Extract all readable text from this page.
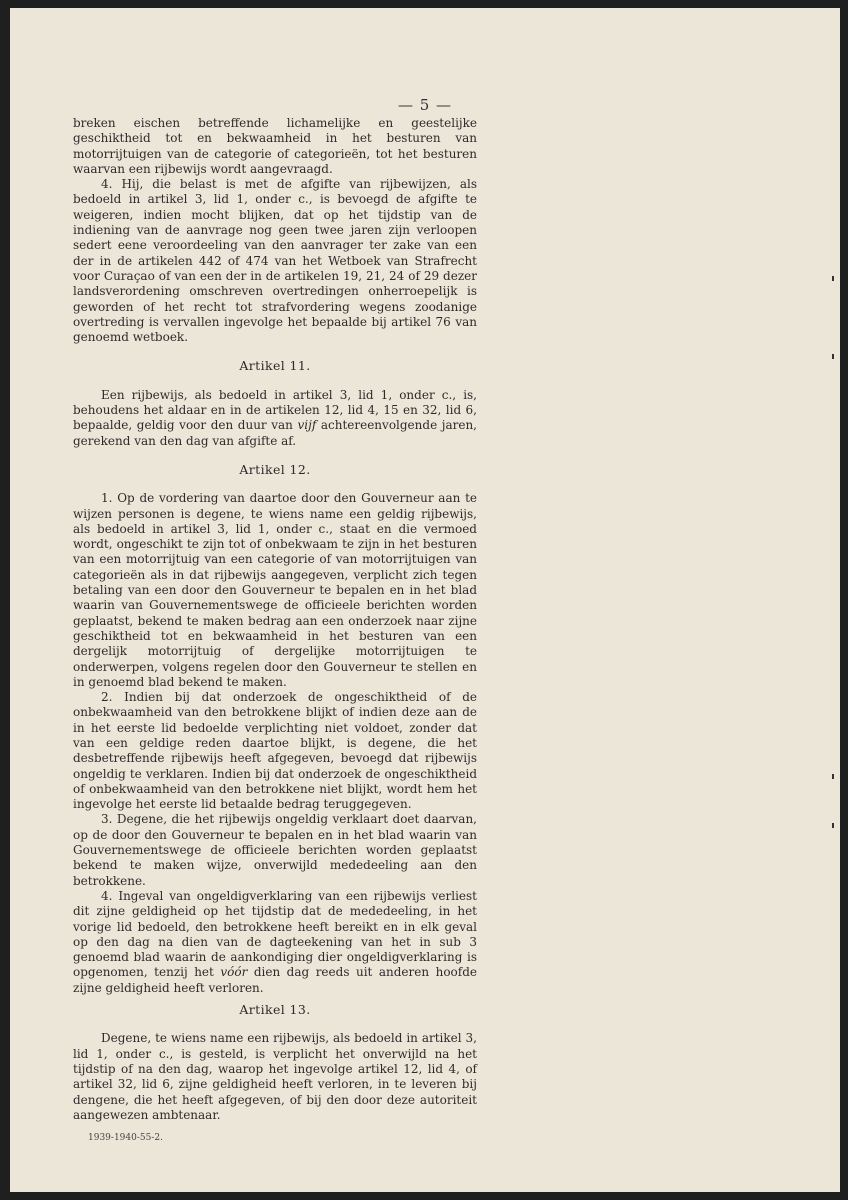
— 5 —

breken eischen betreffende lichamelijke en geestelijke geschiktheid tot en bekwaamheid in het besturen van motorrijtuigen van de categorie of categorieën, tot het besturen waarvan een rijbewijs wordt aangevraagd.

4. Hij, die belast is met de afgifte van rijbewijzen, als bedoeld in artikel 3, lid 1, onder c., is bevoegd de afgifte te weigeren, indien mocht blijken, dat op het tijdstip van de indiening van de aanvrage nog geen twee jaren zijn verloopen sedert eene veroordeeling van den aanvrager ter zake van een der in de artikelen 442 of 474 van het Wetboek van Strafrecht voor Curaçao of van een der in de artikelen 19, 21, 24 of 29 dezer landsverordening omschreven overtredingen onherroepelijk is geworden of het recht tot strafvordering wegens zoodanige overtreding is vervallen ingevolge het bepaalde bij artikel 76 van genoemd wetboek.

Artikel 11.

Een rijbewijs, als bedoeld in artikel 3, lid 1, onder c., is, behoudens het aldaar en in de artikelen 12, lid 4, 15 en 32, lid 6, bepaalde, geldig voor den duur van vijf achtereenvolgende jaren, gerekend van den dag van afgifte af.

Artikel 12.

1. Op de vordering van daartoe door den Gouverneur aan te wijzen personen is degene, te wiens name een geldig rijbewijs, als bedoeld in artikel 3, lid 1, onder c., staat en die vermoed wordt, ongeschikt te zijn tot of onbekwaam te zijn in het besturen van een motorrijtuig van een categorie of van motorrijtuigen van categorieën als in dat rijbewijs aangegeven, verplicht zich tegen betaling van een door den Gouverneur te bepalen en in het blad waarin van Gouvernementswege de officieele berichten worden geplaatst, bekend te maken bedrag aan een onderzoek naar zijne geschiktheid tot en bekwaamheid in het besturen van een dergelijk motorrijtuig of dergelijke motorrijtuigen te onderwerpen, volgens regelen door den Gouverneur te stellen en in genoemd blad bekend te maken.

2. Indien bij dat onderzoek de ongeschiktheid of de onbekwaamheid van den betrokkene blijkt of indien deze aan de in het eerste lid bedoelde verplichting niet voldoet, zonder dat van een geldige reden daartoe blijkt, is degene, die het desbetreffende rijbewijs heeft afgegeven, bevoegd dat rijbewijs ongeldig te verklaren. Indien bij dat onderzoek de ongeschiktheid of onbekwaamheid van den betrokkene niet blijkt, wordt hem het ingevolge het eerste lid betaalde bedrag teruggegeven.

3. Degene, die het rijbewijs ongeldig verklaart doet daarvan, op de door den Gouverneur te bepalen en in het blad waarin van Gouvernementswege de officieele berichten worden geplaatst bekend te maken wijze, onverwijld mededeeling aan den betrokkene.

4. Ingeval van ongeldigverklaring van een rijbewijs verliest dit zijne geldigheid op het tijdstip dat de mededeeling, in het vorige lid bedoeld, den betrokkene heeft bereikt en in elk geval op den dag na dien van de dagteekening van het in sub 3 genoemd blad waarin de aankondiging dier ongeldigverklaring is opgenomen, tenzij het vóór dien dag reeds uit anderen hoofde zijne geldigheid heeft verloren.

Artikel 13.

Degene, te wiens name een rijbewijs, als bedoeld in artikel 3, lid 1, onder c., is gesteld, is verplicht het onverwijld na het tijdstip of na den dag, waarop het ingevolge artikel 12, lid 4, of artikel 32, lid 6, zijne geldigheid heeft verloren, in te leveren bij dengene, die het heeft afgegeven, of bij den door deze autoriteit aangewezen ambtenaar.

1939-1940-55-2.
